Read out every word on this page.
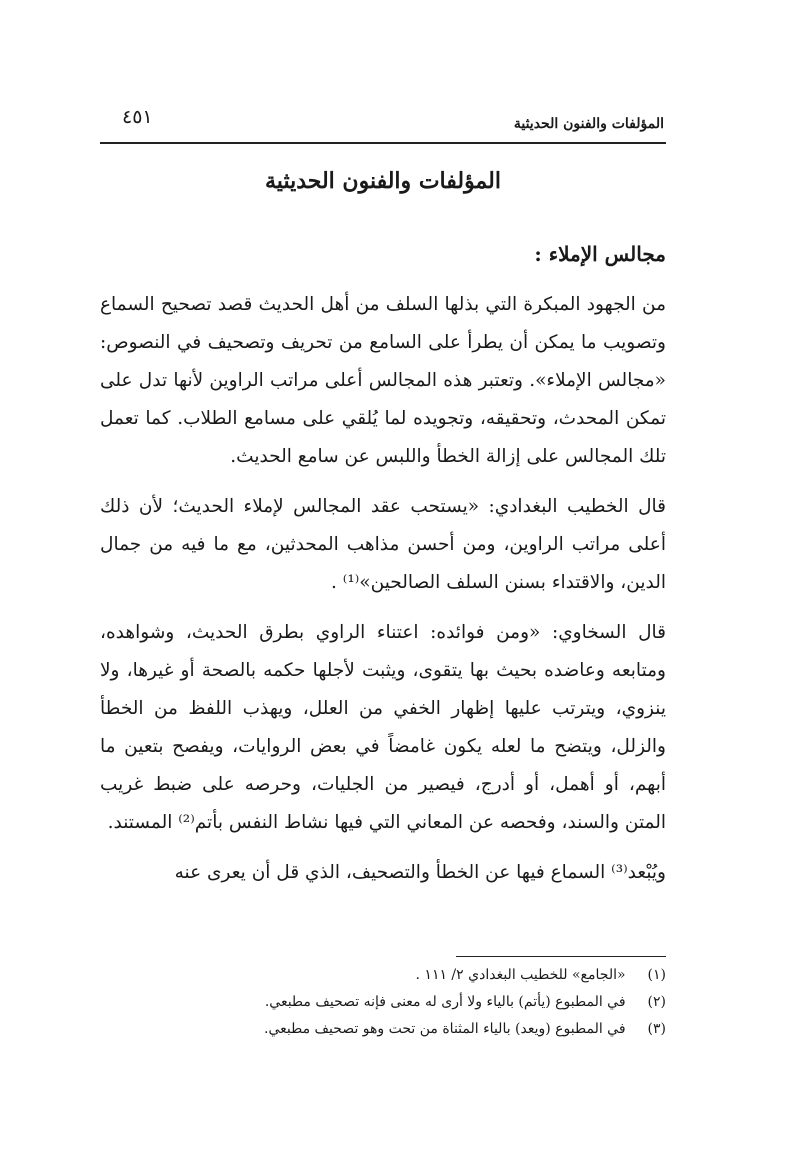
٤٥١	المؤلفات والفنون الحديثية
المؤلفات والفنون الحديثية
مجالس الإملاء :

من الجهود المبكرة التي بذلها السلف من أهل الحديث قصد تصحيح السماع وتصويب ما يمكن أن يطرأ على السامع من تحريف وتصحيف في النصوص: «مجالس الإملاء». وتعتبر هذه المجالس أعلى مراتب الراوين لأنها تدل على تمكن المحدث، وتحقيقه، وتجويده لما يُلقي على مسامع الطلاب. كما تعمل تلك المجالس على إزالة الخطأ واللبس عن سامع الحديث.

قال الخطيب البغدادي: «يستحب عقد المجالس لإملاء الحديث؛ لأن ذلك أعلى مراتب الراوين، ومن أحسن مذاهب المحدثين، مع ما فيه من جمال الدين، والاقتداء بسنن السلف الصالحين»⁽¹⁾ .

قال السخاوي: «ومن فوائده: اعتناء الراوي بطرق الحديث، وشواهده، ومتابعه وعاضده بحيث بها يتقوى، ويثبت لأجلها حكمه بالصحة أو غيرها، ولا ينزوي، ويترتب عليها إظهار الخفي من العلل، ويهذب اللفظ من الخطأ والزلل، ويتضح ما لعله يكون غامضاً في بعض الروايات، ويفصح بتعين ما أبهم، أو أهمل، أو أدرج، فيصير من الجليات، وحرصه على ضبط غريب المتن والسند، وفحصه عن المعاني التي فيها نشاط النفس بأتم⁽²⁾ المستند.

ويُبْعد⁽³⁾ السماع فيها عن الخطأ والتصحيف، الذي قل أن يعرى عنه

(١) «الجامع» للخطيب البغدادي ٢/ ١١١ .
(٢) في المطبوع (يأتم) بالياء ولا أرى له معنى فإنه تصحيف مطبعي.
(٣) في المطبوع (ويعد) بالياء المثناة من تحت وهو تصحيف مطبعي.
